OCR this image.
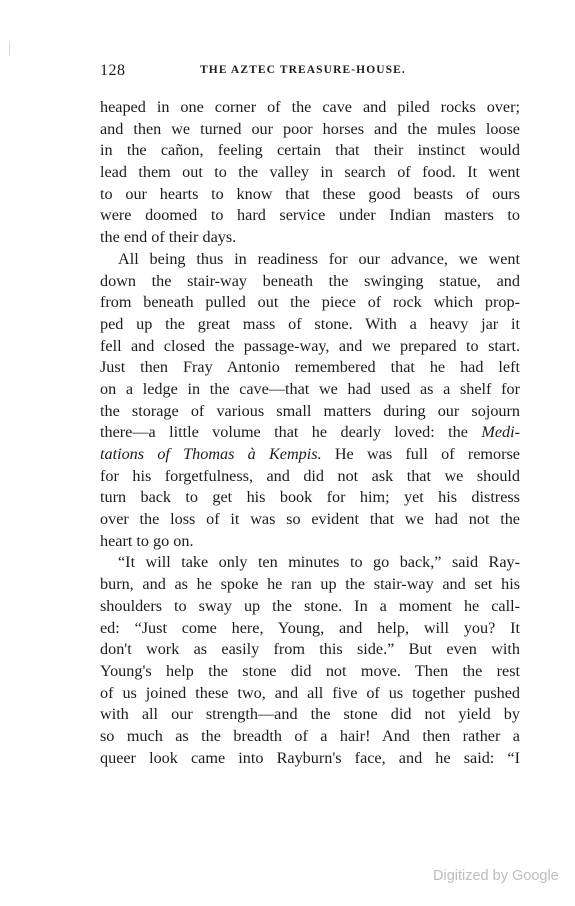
128	THE AZTEC TREASURE-HOUSE.
heaped in one corner of the cave and piled rocks over;
and then we turned our poor horses and the mules loose
in the cañon, feeling certain that their instinct would
lead them out to the valley in search of food. It went
to our hearts to know that these good beasts of ours
were doomed to hard service under Indian masters to
the end of their days.
All being thus in readiness for our advance, we went
down the stair-way beneath the swinging statue, and
from beneath pulled out the piece of rock which prop-
ped up the great mass of stone. With a heavy jar it
fell and closed the passage-way, and we prepared to start.
Just then Fray Antonio remembered that he had left
on a ledge in the cave—that we had used as a shelf for
the storage of various small matters during our sojourn
there—a little volume that he dearly loved: the Medi-
tations of Thomas à Kempis. He was full of remorse
for his forgetfulness, and did not ask that we should
turn back to get his book for him; yet his distress
over the loss of it was so evident that we had not the
heart to go on.
“It will take only ten minutes to go back,” said Ray-
burn, and as he spoke he ran up the stair-way and set his
shoulders to sway up the stone. In a moment he call-
ed: “Just come here, Young, and help, will you? It
don't work as easily from this side.” But even with
Young's help the stone did not move. Then the rest
of us joined these two, and all five of us together pushed
with all our strength—and the stone did not yield by
so much as the breadth of a hair! And then rather a
queer look came into Rayburn's face, and he said: “I
Digitized by Google
